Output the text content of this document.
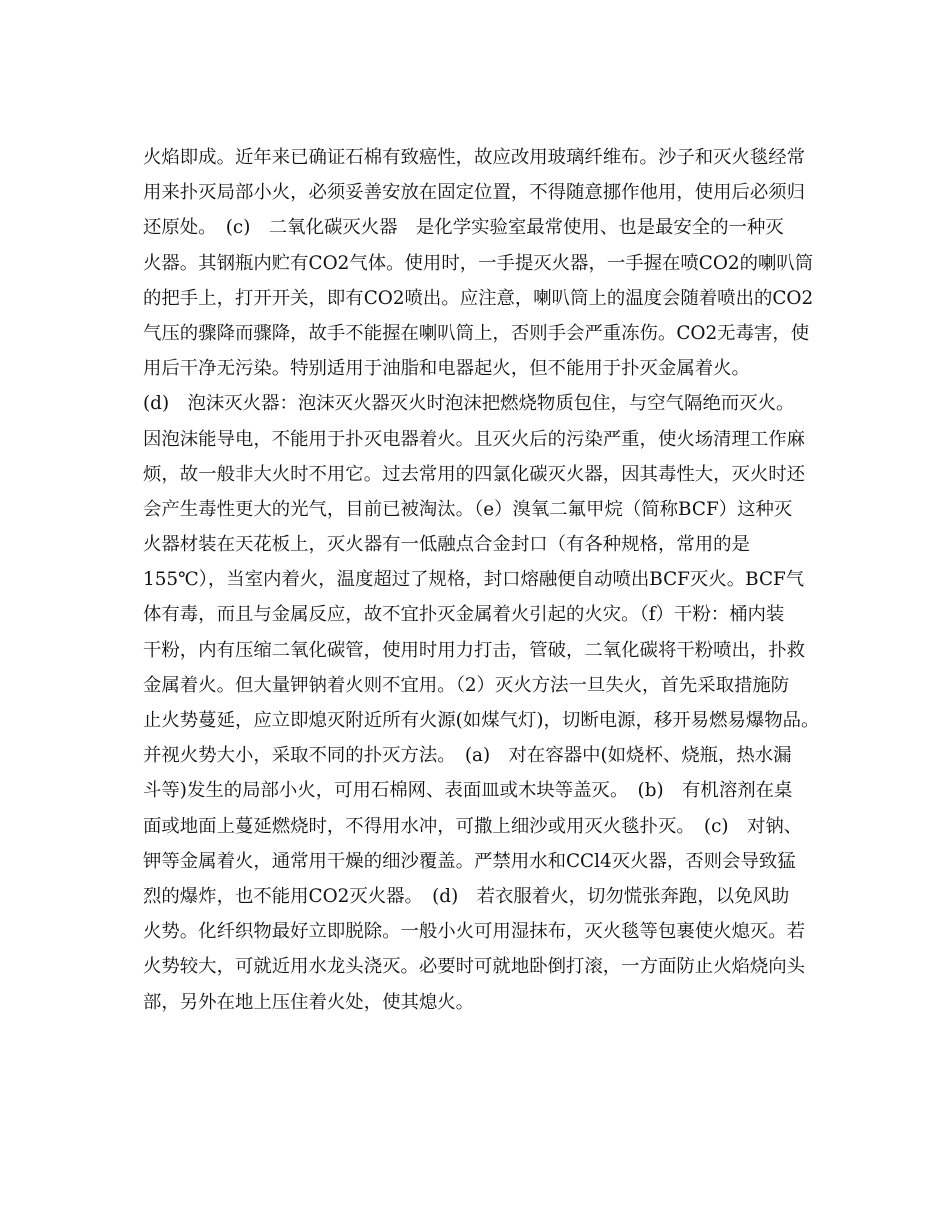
火焰即成。近年来已确证石棉有致癌性，故应改用玻璃纤维布。沙子和灭火毯经常
用来扑灭局部小火，必须妥善安放在固定位置，不得随意挪作他用，使用后必须归
还原处。　(c)　二氧化碳灭火器　是化学实验室最常使用、也是最安全的一种灭
火器。其钢瓶内贮有CO2气体。使用时，一手提灭火器，一手握在喷CO2的喇叭筒
的把手上，打开开关，即有CO2喷出。应注意，喇叭筒上的温度会随着喷出的CO2
气压的骤降而骤降，故手不能握在喇叭筒上，否则手会严重冻伤。CO2无毒害，使
用后干净无污染。特别适用于油脂和电器起火，但不能用于扑灭金属着火。
(d)　泡沫灭火器：泡沫灭火器灭火时泡沫把燃烧物质包住，与空气隔绝而灭火。
因泡沫能导电，不能用于扑灭电器着火。且灭火后的污染严重，使火场清理工作麻
烦，故一般非大火时不用它。过去常用的四氯化碳灭火器，因其毒性大，灭火时还
会产生毒性更大的光气，目前已被淘汰。（e）溴氧二氟甲烷（简称BCF）这种灭
火器材装在天花板上，灭火器有一低融点合金封口（有各种规格，常用的是
155℃），当室内着火，温度超过了规格，封口熔融便自动喷出BCF灭火。BCF气
体有毒，而且与金属反应，故不宜扑灭金属着火引起的火灾。（f）干粉：桶内装
干粉，内有压缩二氧化碳管，使用时用力打击，管破，二氧化碳将干粉喷出，扑救
金属着火。但大量钾钠着火则不宜用。（2）灭火方法一旦失火，首先采取措施防
止火势蔓延，应立即熄灭附近所有火源(如煤气灯)，切断电源，移开易燃易爆物品。
并视火势大小，采取不同的扑灭方法。　(a)　对在容器中(如烧杯、烧瓶，热水漏
斗等)发生的局部小火，可用石棉网、表面皿或木块等盖灭。　(b)　有机溶剂在桌
面或地面上蔓延燃烧时，不得用水冲，可撒上细沙或用灭火毯扑灭。　(c)　对钠、
钾等金属着火，通常用干燥的细沙覆盖。严禁用水和CCl4灭火器，否则会导致猛
烈的爆炸，也不能用CO2灭火器。　(d)　若衣服着火，切勿慌张奔跑，以免风助
火势。化纤织物最好立即脱除。一般小火可用湿抹布，灭火毯等包裹使火熄灭。若
火势较大，可就近用水龙头浇灭。必要时可就地卧倒打滚，一方面防止火焰烧向头
部，另外在地上压住着火处，使其熄火。
